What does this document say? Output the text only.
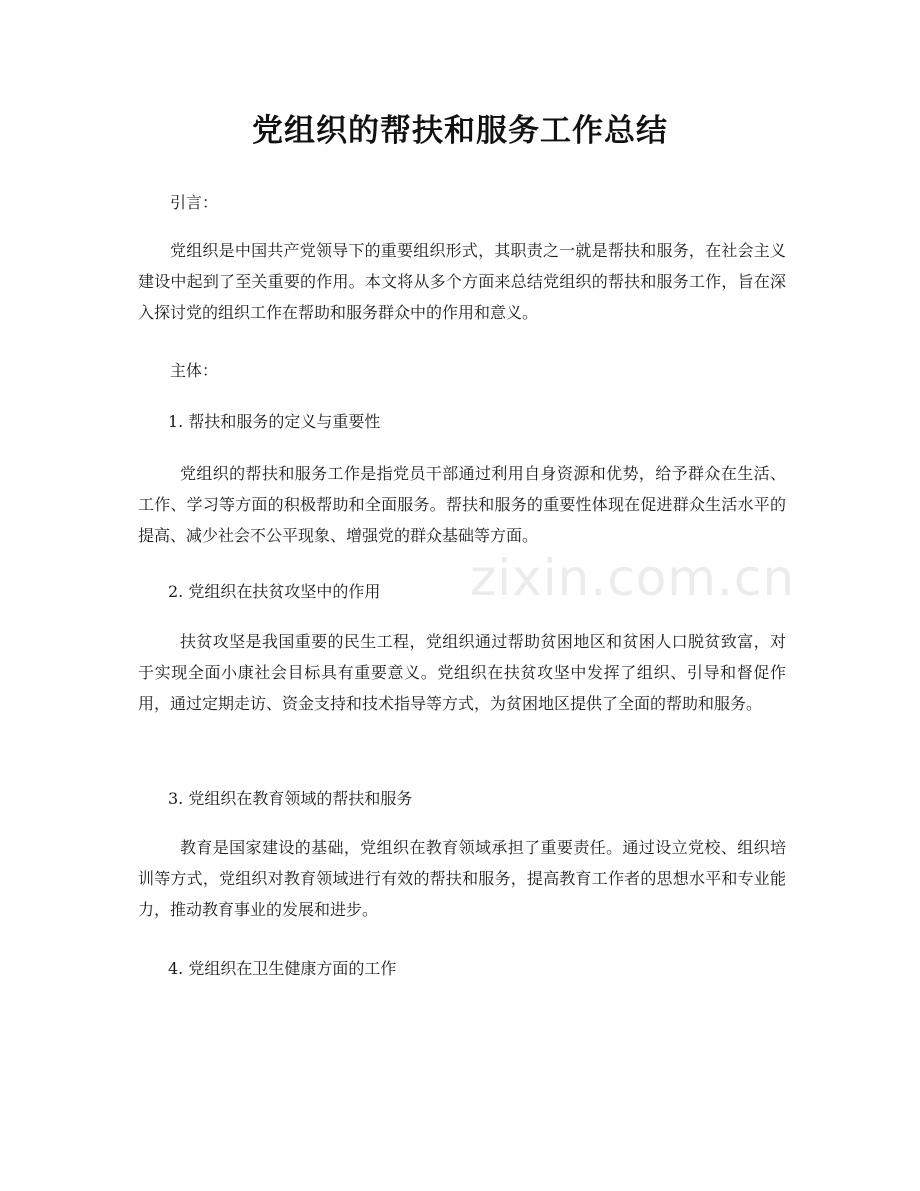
党组织的帮扶和服务工作总结

引言：

党组织是中国共产党领导下的重要组织形式，其职责之一就是帮扶和服务，在社会主义建设中起到了至关重要的作用。本文将从多个方面来总结党组织的帮扶和服务工作，旨在深入探讨党的组织工作在帮助和服务群众中的作用和意义。

主体：

1. 帮扶和服务的定义与重要性

党组织的帮扶和服务工作是指党员干部通过利用自身资源和优势，给予群众在生活、工作、学习等方面的积极帮助和全面服务。帮扶和服务的重要性体现在促进群众生活水平的提高、减少社会不公平现象、增强党的群众基础等方面。

2. 党组织在扶贫攻坚中的作用

扶贫攻坚是我国重要的民生工程，党组织通过帮助贫困地区和贫困人口脱贫致富，对于实现全面小康社会目标具有重要意义。党组织在扶贫攻坚中发挥了组织、引导和督促作用，通过定期走访、资金支持和技术指导等方式，为贫困地区提供了全面的帮助和服务。

3. 党组织在教育领域的帮扶和服务

教育是国家建设的基础，党组织在教育领域承担了重要责任。通过设立党校、组织培训等方式，党组织对教育领域进行有效的帮扶和服务，提高教育工作者的思想水平和专业能力，推动教育事业的发展和进步。

4. 党组织在卫生健康方面的工作

zixin.com.cn
